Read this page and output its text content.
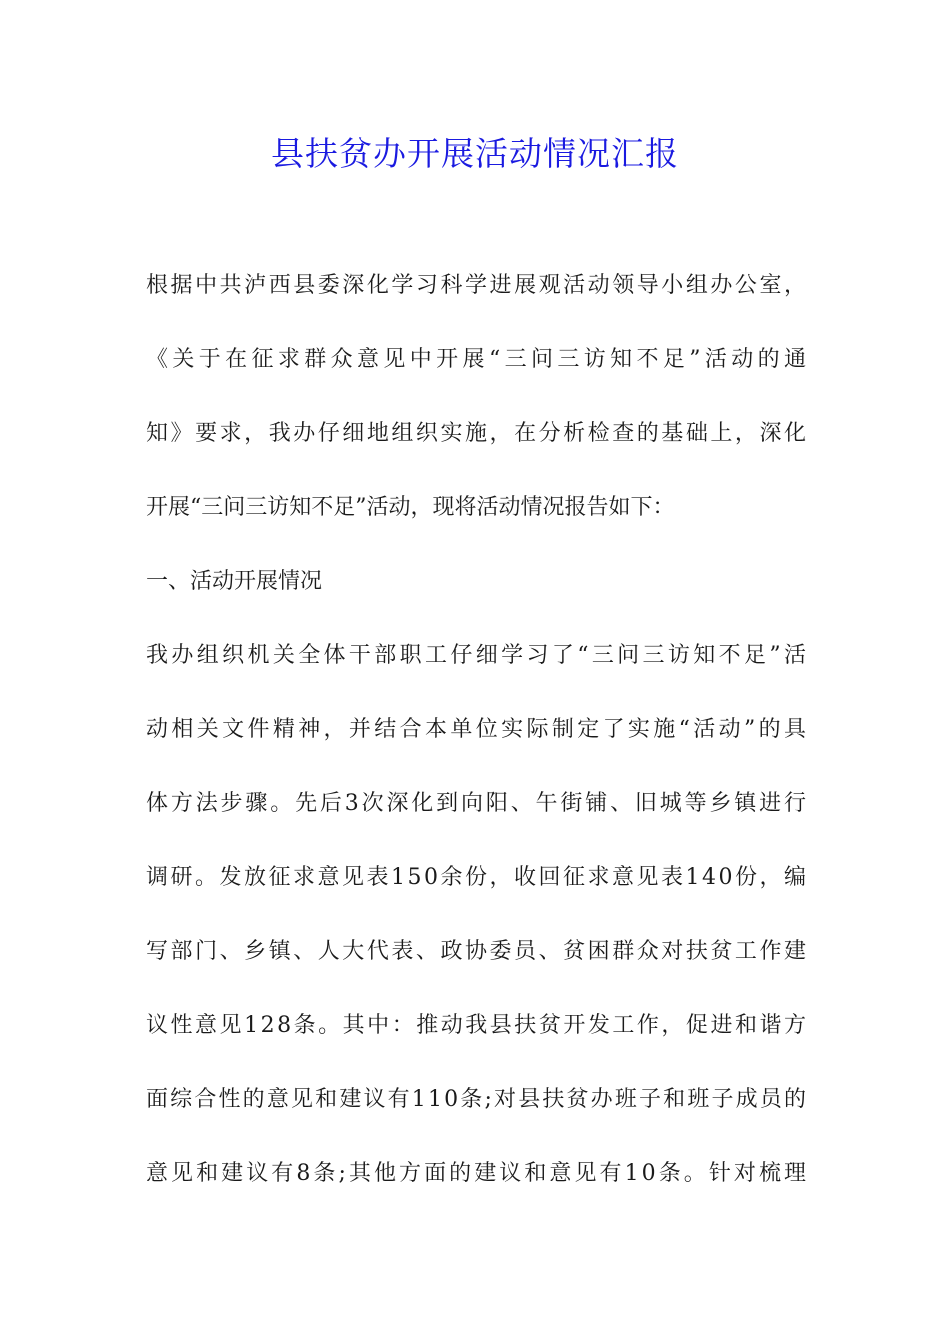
县扶贫办开展活动情况汇报
根据中共泸西县委深化学习科学进展观活动领导小组办公室，
《关于在征求群众意见中开展“三问三访知不足”活动的通
知》要求，我办仔细地组织实施，在分析检查的基础上，深化
开展“三问三访知不足”活动，现将活动情况报告如下：
一、活动开展情况
我办组织机关全体干部职工仔细学习了“三问三访知不足”活
动相关文件精神，并结合本单位实际制定了实施“活动”的具
体方法步骤。先后3次深化到向阳、午街铺、旧城等乡镇进行
调研。发放征求意见表150余份，收回征求意见表140份，编
写部门、乡镇、人大代表、政协委员、贫困群众对扶贫工作建
议性意见128条。其中：推动我县扶贫开发工作，促进和谐方
面综合性的意见和建议有110条;对县扶贫办班子和班子成员的
意见和建议有8条;其他方面的建议和意见有10条。针对梳理
